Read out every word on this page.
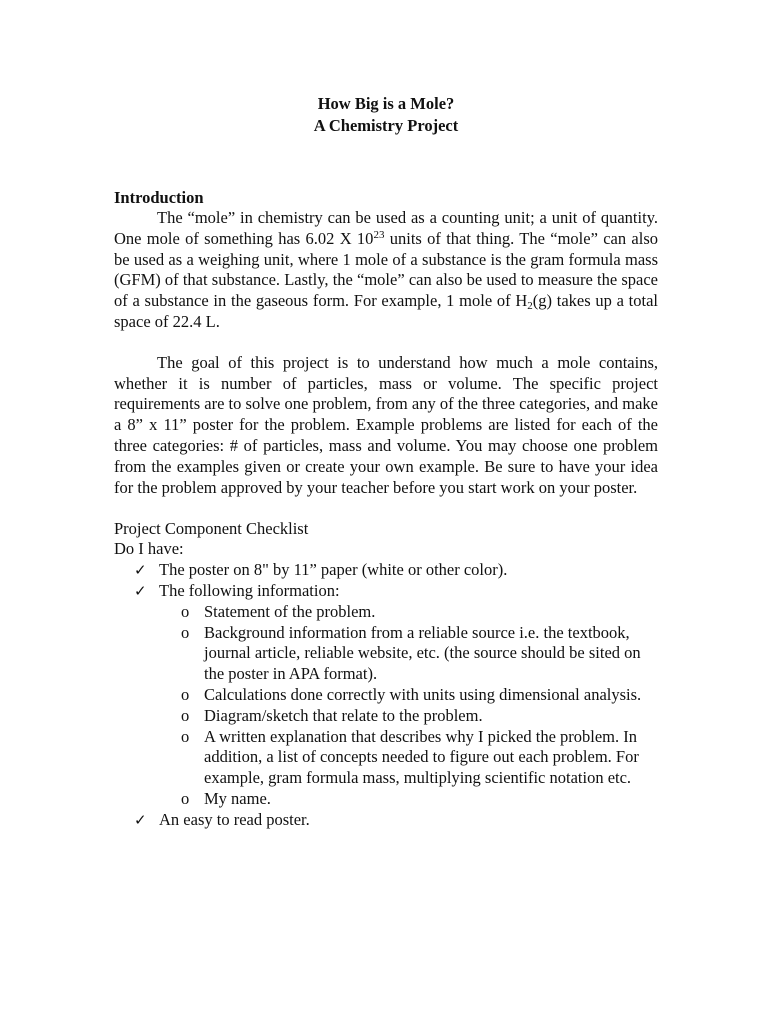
How Big is a Mole?
A Chemistry Project
Introduction

The “mole” in chemistry can be used as a counting unit; a unit of quantity. One mole of something has 6.02 X $10^{23}$ units of that thing. The “mole” can also be used as a weighing unit, where 1 mole of a substance is the gram formula mass (GFM) of that substance. Lastly, the “mole” can also be used to measure the space of a substance in the gaseous form. For example, 1 mole of $H_2(g)$ takes up a total space of 22.4 L.

The goal of this project is to understand how much a mole contains, whether it is number of particles, mass or volume. The specific project requirements are to solve one problem, from any of the three categories, and make a 8” x 11” poster for the problem. Example problems are listed for each of the three categories: # of particles, mass and volume. You may choose one problem from the examples given or create your own example. Be sure to have your idea for the problem approved by your teacher before you start work on your poster.

Project Component Checklist
Do I have:
✓ The poster on 8" by 11” paper (white or other color).
✓ The following information:
o Statement of the problem.
o Background information from a reliable source i.e. the textbook, journal article, reliable website, etc. (the source should be sited on the poster in APA format).
o Calculations done correctly with units using dimensional analysis.
o Diagram/sketch that relate to the problem.
o A written explanation that describes why I picked the problem. In addition, a list of concepts needed to figure out each problem. For example, gram formula mass, multiplying scientific notation etc.
o My name.
✓ An easy to read poster.
